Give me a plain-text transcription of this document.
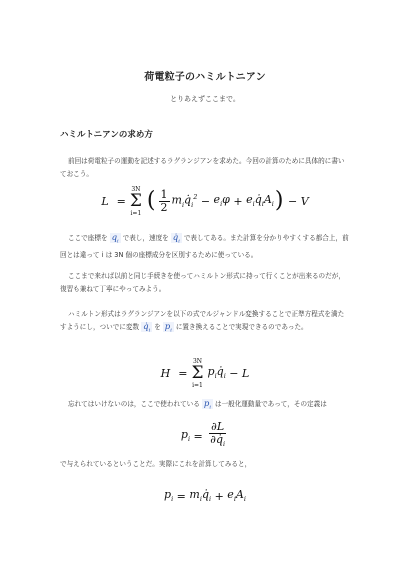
荷電粒子のハミルトニアン
とりあえずここまで。
ハミルトニアンの求め方
前回は荷電粒子の運動を記述するラグランジアンを求めた。今回の計算のために具体的に書いておこう。
L =
3N
Σ
i=1 ( $\frac{1}{2}$ $m_iq̇_i^2 - e_i\varphi$ + $e_iq̇_iA_i$ ) − V
ここで座標を $q_i$ で表し，速度を $q̇_i$ で表してある。また計算を分かりやすくする都合上，前回とは違って i は 3N 個の座標成分を区別するために使っている。
ここまで来れば以前と同じ手続きを使ってハミルトン形式に持って行くことが出来るのだが，復習も兼ねて丁寧にやってみよう。
ハミルトン形式はラグランジアンを以下の式でルジャンドル変換することで正準方程式を満たすようにし，ついでに変数 $q̇_i$ を $p_i$ に置き換えることで実現できるのであった。
H =
3N
Σ
i=1
$p_iq̇_i - L$
忘れてはいけないのは，ここで使われている $p_i$ は一般化運動量であって，その定義は
$p_i = \frac{\partial L}{\partial q̇_i}$
で与えられているということだ。実際にこれを計算してみると，
$p_i$ = $m_iq̇_i + e_iA_i$
